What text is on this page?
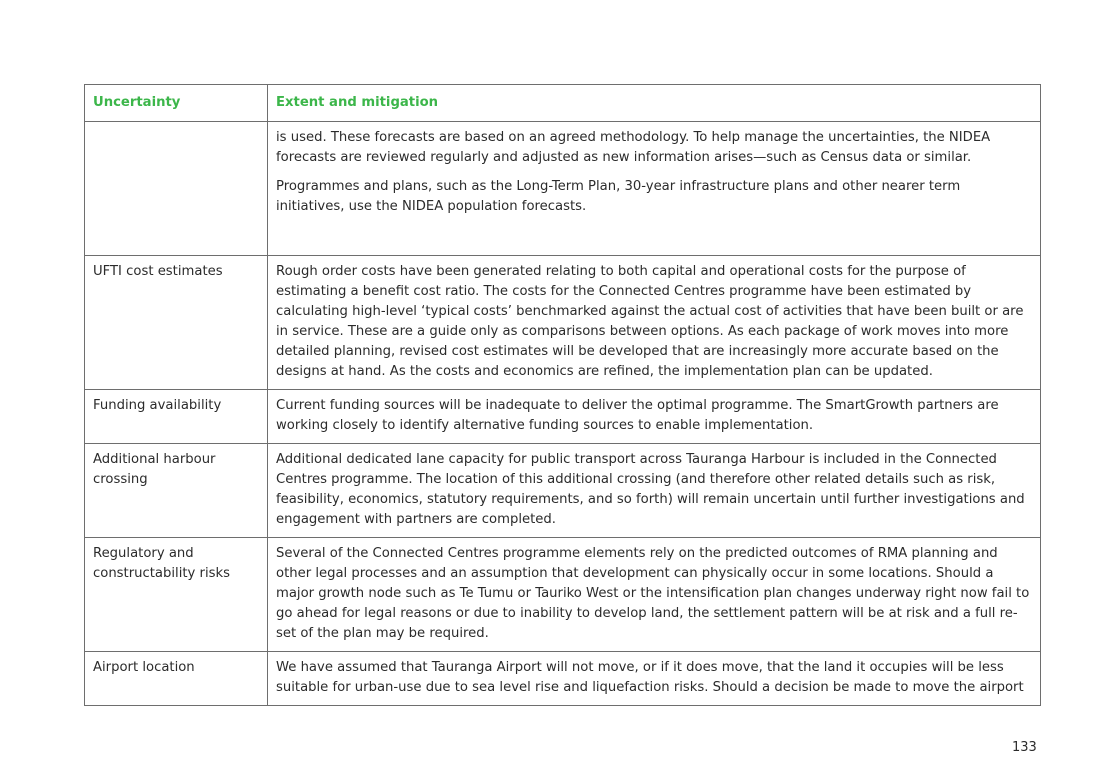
Uncertainty	Extent and mitigation

	is used. These forecasts are based on an agreed methodology. To help manage the uncertainties, the NIDEA forecasts are reviewed regularly and adjusted as new information arises—such as Census data or similar.

Programmes and plans, such as the Long-Term Plan, 30-year infrastructure plans and other nearer term initiatives, use the NIDEA population forecasts.

UFTI cost estimates	Rough order costs have been generated relating to both capital and operational costs for the purpose of estimating a benefit cost ratio. The costs for the Connected Centres programme have been estimated by calculating high-level ‘typical costs’ benchmarked against the actual cost of activities that have been built or are in service. These are a guide only as comparisons between options. As each package of work moves into more detailed planning, revised cost estimates will be developed that are increasingly more accurate based on the designs at hand. As the costs and economics are refined, the implementation plan can be updated.

Funding availability	Current funding sources will be inadequate to deliver the optimal programme. The SmartGrowth partners are working closely to identify alternative funding sources to enable implementation.

Additional harbour crossing	Additional dedicated lane capacity for public transport across Tauranga Harbour is included in the Connected Centres programme. The location of this additional crossing (and therefore other related details such as risk, feasibility, economics, statutory requirements, and so forth) will remain uncertain until further investigations and engagement with partners are completed.

Regulatory and constructability risks	Several of the Connected Centres programme elements rely on the predicted outcomes of RMA planning and other legal processes and an assumption that development can physically occur in some locations. Should a major growth node such as Te Tumu or Tauriko West or the intensification plan changes underway right now fail to go ahead for legal reasons or due to inability to develop land, the settlement pattern will be at risk and a full re-set of the plan may be required.

Airport location	We have assumed that Tauranga Airport will not move, or if it does move, that the land it occupies will be less suitable for urban-use due to sea level rise and liquefaction risks. Should a decision be made to move the airport

133
